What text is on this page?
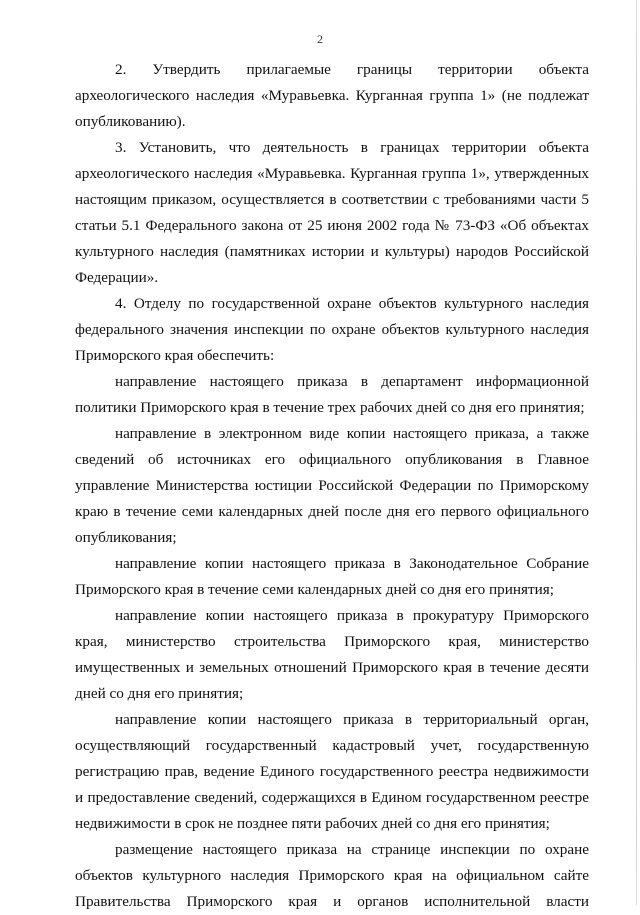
2

2. Утвердить прилагаемые границы территории объекта археологического наследия «Муравьевка. Курганная группа 1» (не подлежат опубликованию).

3. Установить, что деятельность в границах территории объекта археологического наследия «Муравьевка. Курганная группа 1», утвержденных настоящим приказом, осуществляется в соответствии с требованиями части 5 статьи 5.1 Федерального закона от 25 июня 2002 года № 73-ФЗ «Об объектах культурного наследия (памятниках истории и культуры) народов Российской Федерации».

4. Отделу по государственной охране объектов культурного наследия федерального значения инспекции по охране объектов культурного наследия Приморского края обеспечить:

направление настоящего приказа в департамент информационной политики Приморского края в течение трех рабочих дней со дня его принятия;

направление в электронном виде копии настоящего приказа, а также сведений об источниках его официального опубликования в Главное управление Министерства юстиции Российской Федерации по Приморскому краю в течение семи календарных дней после дня его первого официального опубликования;

направление копии настоящего приказа в Законодательное Собрание Приморского края в течение семи календарных дней со дня его принятия;

направление копии настоящего приказа в прокуратуру Приморского края, министерство строительства Приморского края, министерство имущественных и земельных отношений Приморского края в течение десяти дней со дня его принятия;

направление копии настоящего приказа в территориальный орган, осуществляющий государственный кадастровый учет, государственную регистрацию прав, ведение Единого государственного реестра недвижимости и предоставление сведений, содержащихся в Едином государственном реестре недвижимости в срок не позднее пяти рабочих дней со дня его принятия;

размещение настоящего приказа на странице инспекции по охране объектов культурного наследия Приморского края на официальном сайте Правительства Приморского края и органов исполнительной власти
